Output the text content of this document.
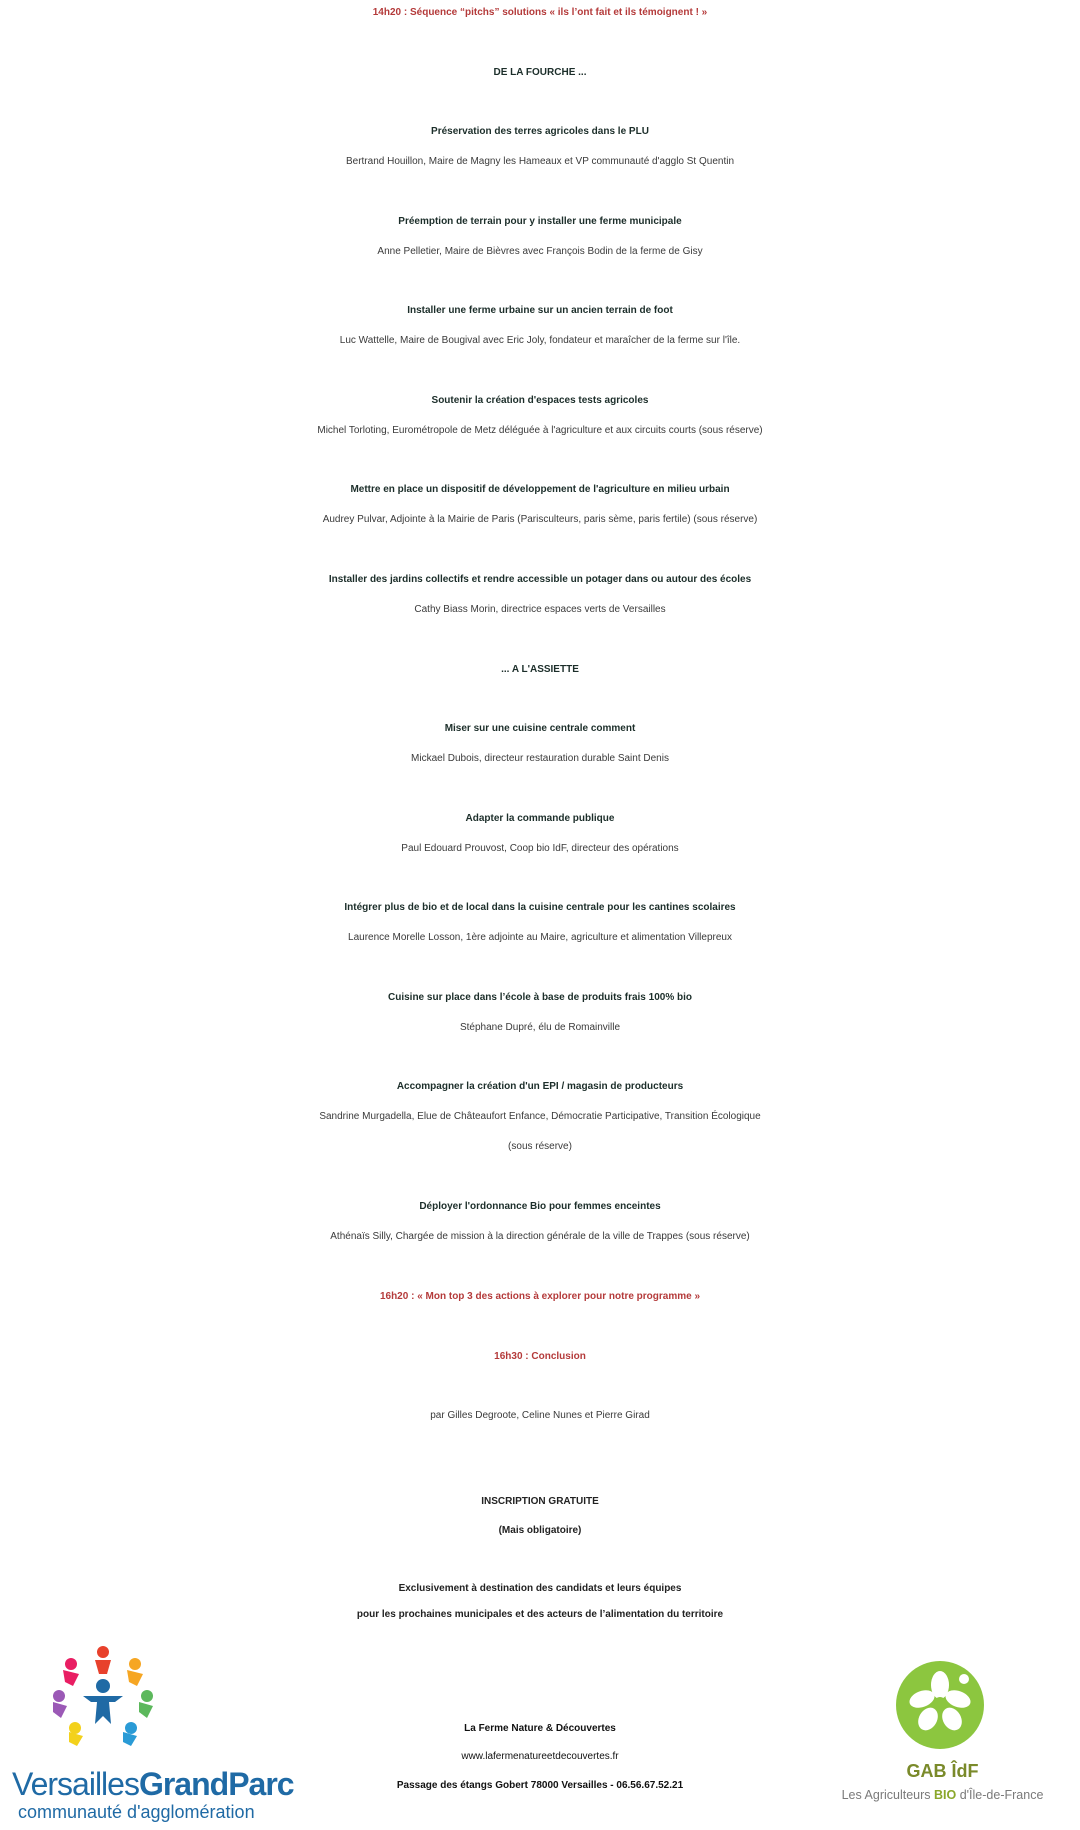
14h20 : Séquence “pitchs” solutions « ils l’ont fait et ils témoignent ! »
DE LA FOURCHE ...
Préservation des terres agricoles dans le PLU
Bertrand Houillon, Maire de Magny les Hameaux et VP communauté d'agglo St Quentin
Préemption de terrain pour y installer une ferme municipale
Anne Pelletier, Maire de Bièvres avec François Bodin de la ferme de Gisy
Installer une ferme urbaine sur un ancien terrain de foot
Luc Wattelle, Maire de Bougival avec Eric Joly, fondateur et maraîcher de la ferme sur l'île.
Soutenir la création d'espaces tests agricoles
Michel Torloting, Eurométropole de Metz déléguée à l'agriculture et aux circuits courts (sous réserve)
Mettre en place un dispositif de développement de l'agriculture en milieu urbain
Audrey Pulvar, Adjointe à la Mairie de Paris (Parisculteurs, paris sème, paris fertile) (sous réserve)
Installer des jardins collectifs et rendre accessible un potager dans ou autour des écoles
Cathy Biass Morin, directrice espaces verts de Versailles
... A L'ASSIETTE
Miser sur une cuisine centrale comment
Mickael Dubois, directeur restauration durable Saint Denis
Adapter la commande publique
Paul Edouard Prouvost, Coop bio IdF, directeur des opérations
Intégrer plus de bio et de local dans la cuisine centrale pour les cantines scolaires
Laurence Morelle Losson, 1ère adjointe au Maire, agriculture et alimentation Villepreux
Cuisine sur place dans l’école à base de produits frais 100% bio
Stéphane Dupré, élu de Romainville
Accompagner la création d'un EPI / magasin de producteurs
Sandrine Murgadella, Elue de Châteaufort Enfance, Démocratie Participative, Transition Écologique
(sous réserve)
Déployer l'ordonnance Bio pour femmes enceintes
Athénaïs Silly, Chargée de mission à la direction générale de la ville de Trappes (sous réserve)
16h20 : « Mon top 3 des actions à explorer pour notre programme »
16h30 : Conclusion
par Gilles Degroote, Celine Nunes et Pierre Girad
INSCRIPTION GRATUITE
(Mais obligatoire)
Exclusivement à destination des candidats et leurs équipes
pour les prochaines municipales et des acteurs de l’alimentation du territoire
La Ferme Nature & Découvertes
www.lafermenatureetdecouvertes.fr
Passage des étangs Gobert 78000 Versailles - 06.56.67.52.21
VersaillesGrandParc
communauté d'agglomération
GAB ÎdF
Les Agriculteurs BIO d'Île-de-France
